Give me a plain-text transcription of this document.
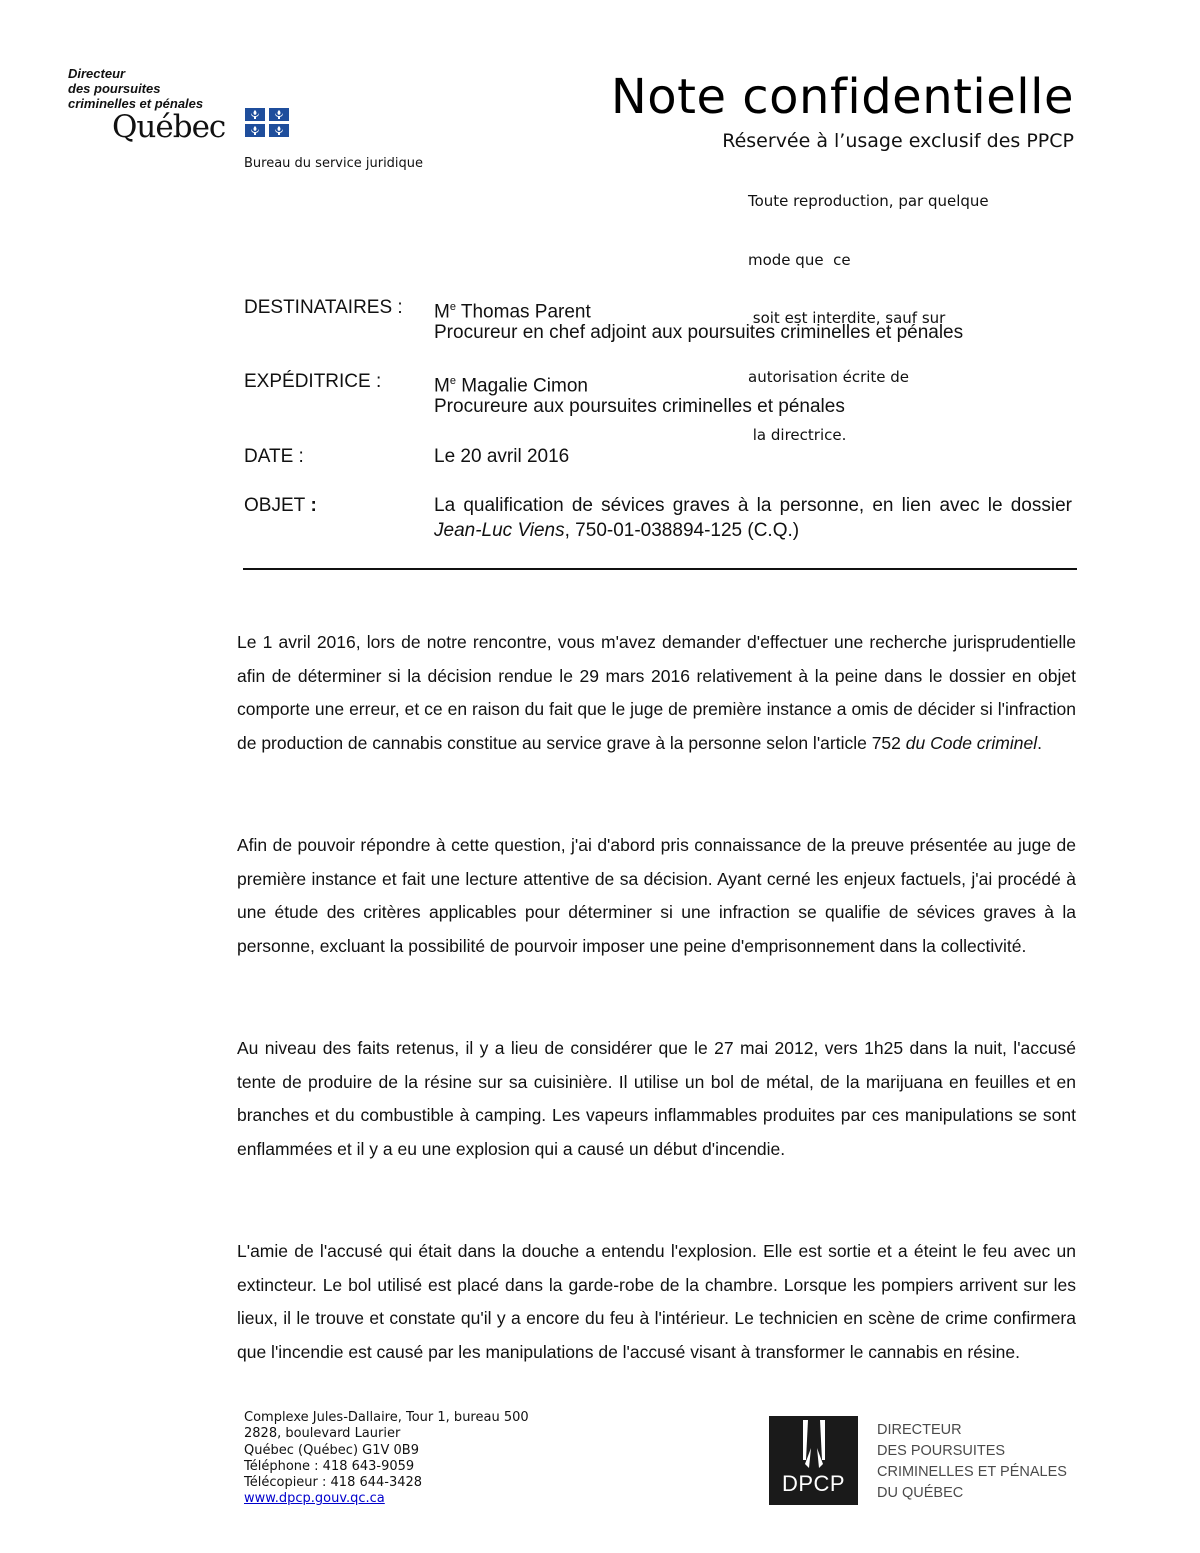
Directeur
des poursuites
criminelles et pénales
Québec
Bureau du service juridique
Note confidentielle
Réservée à l’usage exclusif des PPCP

Toute reproduction, par quelque

mode que  ce

soit est interdite, sauf sur

autorisation écrite de

la directrice.

DESTINATAIRES : Me Thomas Parent
Procureur en chef adjoint aux poursuites criminelles et pénales
EXPÉDITRICE :	Me Magalie Cimon
Procureure aux poursuites criminelles et pénales
DATE :	Le 20 avril 2016
OBJET :	La qualification de sévices graves à la personne, en lien avec le dossier Jean-Luc Viens, 750-01-038894-125 (C.Q.)
Le 1 avril 2016, lors de notre rencontre, vous m'avez demander d'effectuer une recherche jurisprudentielle afin de déterminer si la décision rendue le 29 mars 2016 relativement à la peine dans le dossier en objet comporte une erreur, et ce en raison du fait que le juge de première instance a omis de décider si l'infraction de production de cannabis constitue au service grave à la personne selon l'article 752 du Code criminel.
Afin de pouvoir répondre à cette question, j'ai d'abord pris connaissance de la preuve présentée au juge de première instance et fait une lecture attentive de sa décision. Ayant cerné les enjeux factuels, j'ai procédé à une étude des critères applicables pour déterminer si une infraction se qualifie de sévices graves à la personne, excluant la possibilité de pourvoir imposer une peine d'emprisonnement dans la collectivité.
Au niveau des faits retenus, il y a lieu de considérer que le 27 mai 2012, vers 1h25 dans la nuit, l'accusé tente de produire de la résine sur sa cuisinière. Il utilise un bol de métal, de la marijuana en feuilles et en branches et du combustible à camping. Les vapeurs inflammables produites par ces manipulations se sont enflammées et il y a eu une explosion qui a causé un début d'incendie.
L'amie de l'accusé qui était dans la douche a entendu l'explosion. Elle est sortie et a éteint le feu avec un extincteur. Le bol utilisé est placé dans la garde-robe de la chambre. Lorsque les pompiers arrivent sur les lieux, il le trouve et constate qu'il y a encore du feu à l'intérieur. Le technicien en scène de crime confirmera que l'incendie est causé par les manipulations de l'accusé visant à transformer le cannabis en résine.
Complexe Jules-Dallaire, Tour 1, bureau 500
2828, boulevard Laurier
Québec (Québec) G1V 0B9
Téléphone : 418 643-9059
Télécopieur : 418 644-3428
www.dpcp.gouv.qc.ca
DPCP
DIRECTEUR
DES POURSUITES
CRIMINELLES ET PÉNALES
DU QUÉBEC
